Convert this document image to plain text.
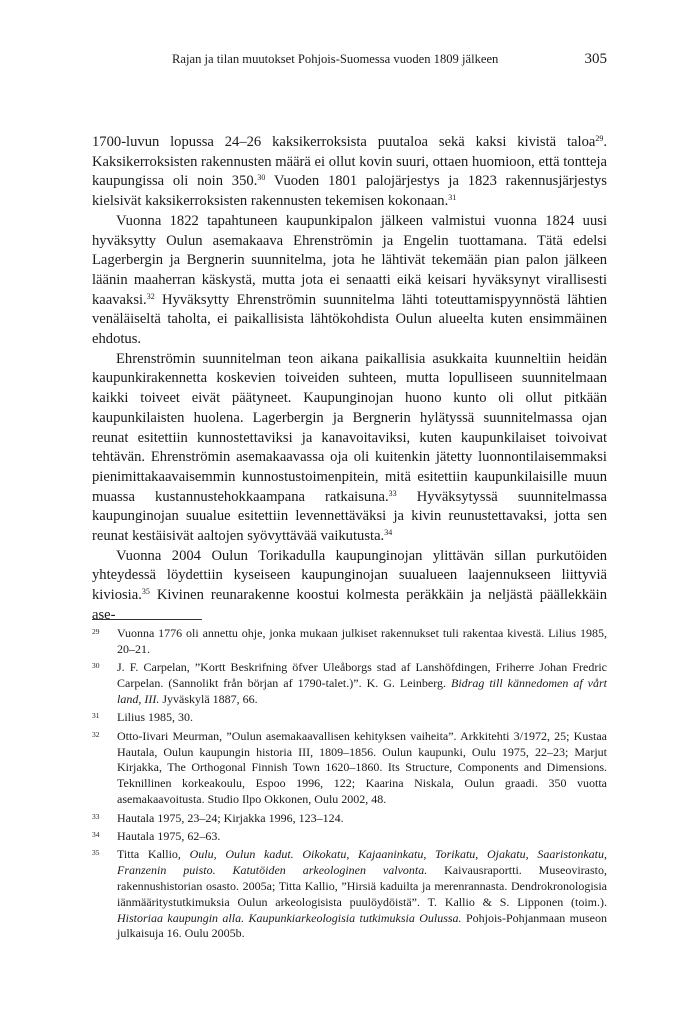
Rajan ja tilan muutokset Pohjois-Suomessa vuoden 1809 jälkeen	305

1700-luvun lopussa 24–26 kaksikerroksista puutaloa sekä kaksi kivistä taloa$^{29}$. Kaksikerroksisten rakennusten määrä ei ollut kovin suuri, ottaen huomioon, että tontteja kaupungissa oli noin 350.30 Vuoden 1801 palojärjestys ja 1823 rakennusjärjestys kielsivät kaksikerroksisten rakennusten tekemisen kokonaan.$^{31}$

Vuonna 1822 tapahtuneen kaupunkipalon jälkeen valmistui vuonna 1824 uusi hyväksytty Oulun asemakaava Ehrenströmin ja Engelin tuottamana. Tätä edelsi Lagerbergin ja Bergnerin suunnitelma, jota he lähtivät tekemään pian palon jälkeen läänin maaherran käskystä, mutta jota ei senaatti eikä keisari hyväksynyt virallisesti kaavaksi.$^{32}$ Hyväksytty Ehrenströmin suunnitelma lähti toteuttamispyynnöstä lähtien venäläiseltä taholta, ei paikallisista lähtökohdista Oulun alueelta kuten ensimmäinen ehdotus.

Ehrenströmin suunnitelman teon aikana paikallisia asukkaita kuunneltiin heidän kaupunkirakennetta koskevien toiveiden suhteen, mutta lopulliseen suunnitelmaan kaikki toiveet eivät päätyneet. Kaupunginojan huono kunto oli ollut pitkään kaupunkilaisten huolena. Lagerbergin ja Bergnerin hylätyssä suunnitelmassa ojan reunat esitettiin kunnostettaviksi ja kanavoitaviksi, kuten kaupunkilaiset toivoivat tehtävän. Ehrenströmin asemakaavassa oja oli kuitenkin jätetty luonnontilaisemmaksi pienimittakaavaisemmin kunnostustoimenpitein, mitä esitettiin kaupunkilaisille muun muassa kustannustehokkaampana ratkaisuna.$^{33}$ Hyväksytyssä suunnitelmassa kaupunginojan suualue esitettiin levennettäväksi ja kivin reunustettavaksi, jotta sen reunat kestäisivät aaltojen syövyttävää vaikutusta.$^{34}$

Vuonna 2004 Oulun Torikadulla kaupunginojan ylittävän sillan purkutöiden yhteydessä löydettiin kyseiseen kaupunginojan suualueen laajennukseen liittyviä kiviosia.$^{35}$ Kivinen reunarakenne koostui kolmesta peräkkäin ja neljästä päällekkäin ase-

29	Vuonna 1776 oli annettu ohje, jonka mukaan julkiset rakennukset tuli rakentaa kivestä. Lilius 1985, 20–21.
30	J. F. Carpelan, ”Kortt Beskrifning öfver Uleåborgs stad af Lanshöfdingen, Friherre Johan Fredric Carpelan. (Sannolikt från början af 1790-talet.)”. K. G. Leinberg. Bidrag till kännedomen af vårt land, III. Jyväskylä 1887, 66.
31	Lilius 1985, 30.
32	Otto-Iivari Meurman, ”Oulun asemakaavallisen kehityksen vaiheita”. Arkkitehti 3/1972, 25; Kustaa Hautala, Oulun kaupungin historia III, 1809–1856. Oulun kaupunki, Oulu 1975, 22–23; Marjut Kirjakka, The Orthogonal Finnish Town 1620–1860. Its Structure, Components and Dimensions. Teknillinen korkeakoulu, Espoo 1996, 122; Kaarina Niskala, Oulun graadi. 350 vuotta asemakaavoitusta. Studio Ilpo Okkonen, Oulu 2002, 48.
33	Hautala 1975, 23–24; Kirjakka 1996, 123–124.
34	Hautala 1975, 62–63.
35	Titta Kallio, Oulu, Oulun kadut. Oikokatu, Kajaaninkatu, Torikatu, Ojakatu, Saaristonkatu, Franzenin puisto. Katutöiden arkeologinen valvonta. Kaivausraportti. Museovirasto, rakennushistorian osasto. 2005a; Titta Kallio, ”Hirsiä kaduilta ja merenrannasta. Dendrokronologisia iänmääritystutkimuksia Oulun arkeologisista puulöydöistä”. T. Kallio & S. Lipponen (toim.). Historiaa kaupungin alla. Kaupunkiarkeologisia tutkimuksia Oulussa. Pohjois-Pohjanmaan museon julkaisuja 16. Oulu 2005b.
